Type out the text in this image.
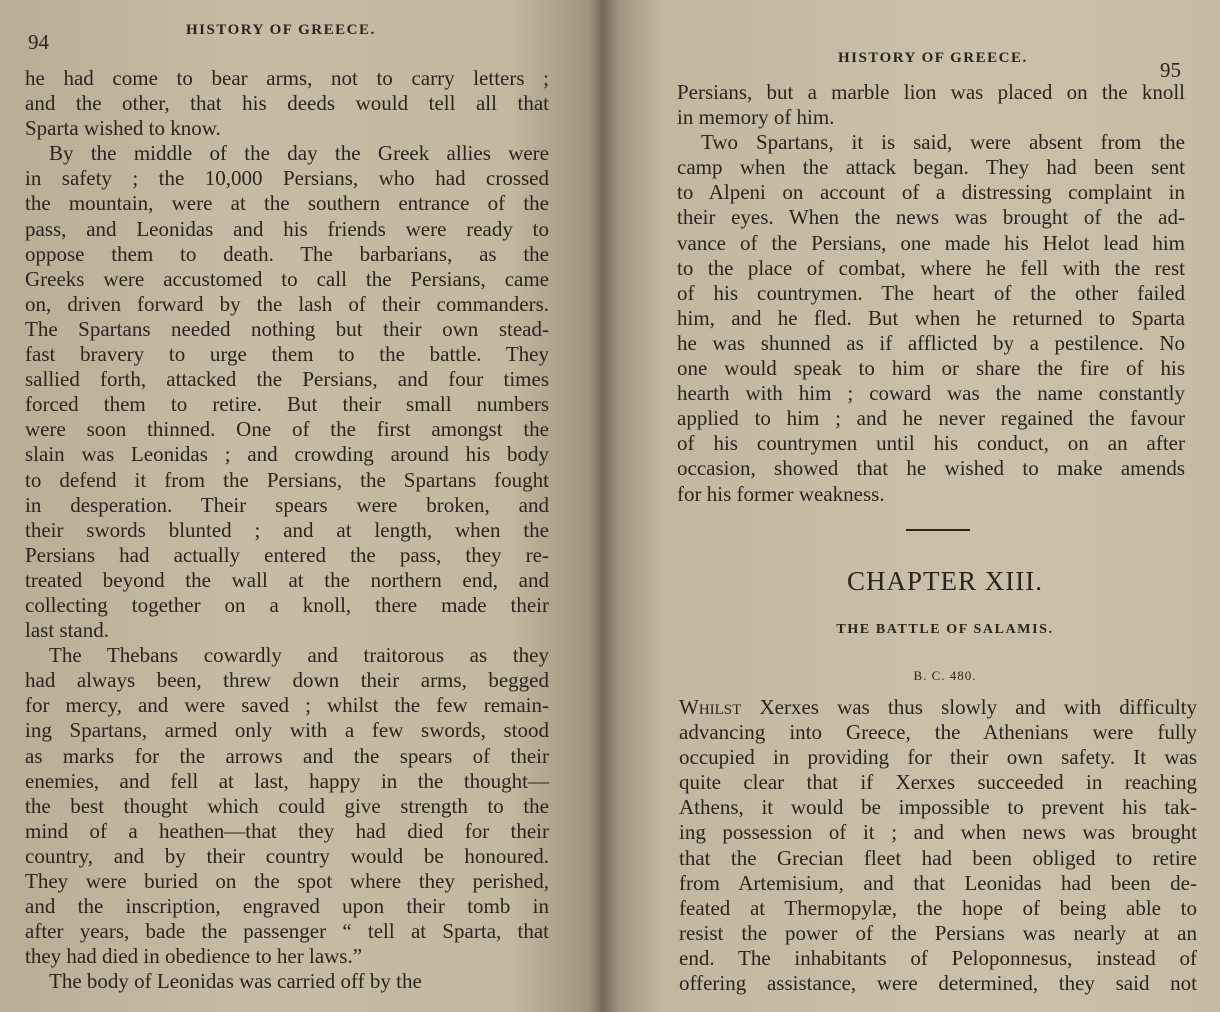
94	HISTORY OF GREECE.
he had come to bear arms, not to carry letters ;
and the other, that his deeds would tell all that
Sparta wished to know.
By the middle of the day the Greek allies were
in safety ; the 10,000 Persians, who had crossed
the mountain, were at the southern entrance of the
pass, and Leonidas and his friends were ready to
oppose them to death. The barbarians, as the
Greeks were accustomed to call the Persians, came
on, driven forward by the lash of their commanders.
The Spartans needed nothing but their own stead-
fast bravery to urge them to the battle. They
sallied forth, attacked the Persians, and four times
forced them to retire. But their small numbers
were soon thinned. One of the first amongst the
slain was Leonidas ; and crowding around his body
to defend it from the Persians, the Spartans fought
in desperation. Their spears were broken, and
their swords blunted ; and at length, when the
Persians had actually entered the pass, they re-
treated beyond the wall at the northern end, and
collecting together on a knoll, there made their
last stand.
The Thebans cowardly and traitorous as they
had always been, threw down their arms, begged
for mercy, and were saved ; whilst the few remain-
ing Spartans, armed only with a few swords, stood
as marks for the arrows and the spears of their
enemies, and fell at last, happy in the thought—
the best thought which could give strength to the
mind of a heathen—that they had died for their
country, and by their country would be honoured.
They were buried on the spot where they perished,
and the inscription, engraved upon their tomb in
after years, bade the passenger “ tell at Sparta, that
they had died in obedience to her laws.”
The body of Leonidas was carried off by the
HISTORY OF GREECE.	95
Persians, but a marble lion was placed on the knoll
in memory of him.
Two Spartans, it is said, were absent from the
camp when the attack began. They had been sent
to Alpeni on account of a distressing complaint in
their eyes. When the news was brought of the ad-
vance of the Persians, one made his Helot lead him
to the place of combat, where he fell with the rest
of his countrymen. The heart of the other failed
him, and he fled. But when he returned to Sparta
he was shunned as if afflicted by a pestilence. No
one would speak to him or share the fire of his
hearth with him ; coward was the name constantly
applied to him ; and he never regained the favour
of his countrymen until his conduct, on an after
occasion, showed that he wished to make amends
for his former weakness.
CHAPTER XIII.
THE BATTLE OF SALAMIS.
B. C. 480.
Whilst Xerxes was thus slowly and with difficulty
advancing into Greece, the Athenians were fully
occupied in providing for their own safety. It was
quite clear that if Xerxes succeeded in reaching
Athens, it would be impossible to prevent his tak-
ing possession of it ; and when news was brought
that the Grecian fleet had been obliged to retire
from Artemisium, and that Leonidas had been de-
feated at Thermopylæ, the hope of being able to
resist the power of the Persians was nearly at an
end. The inhabitants of Peloponnesus, instead of
offering assistance, were determined, they said not
